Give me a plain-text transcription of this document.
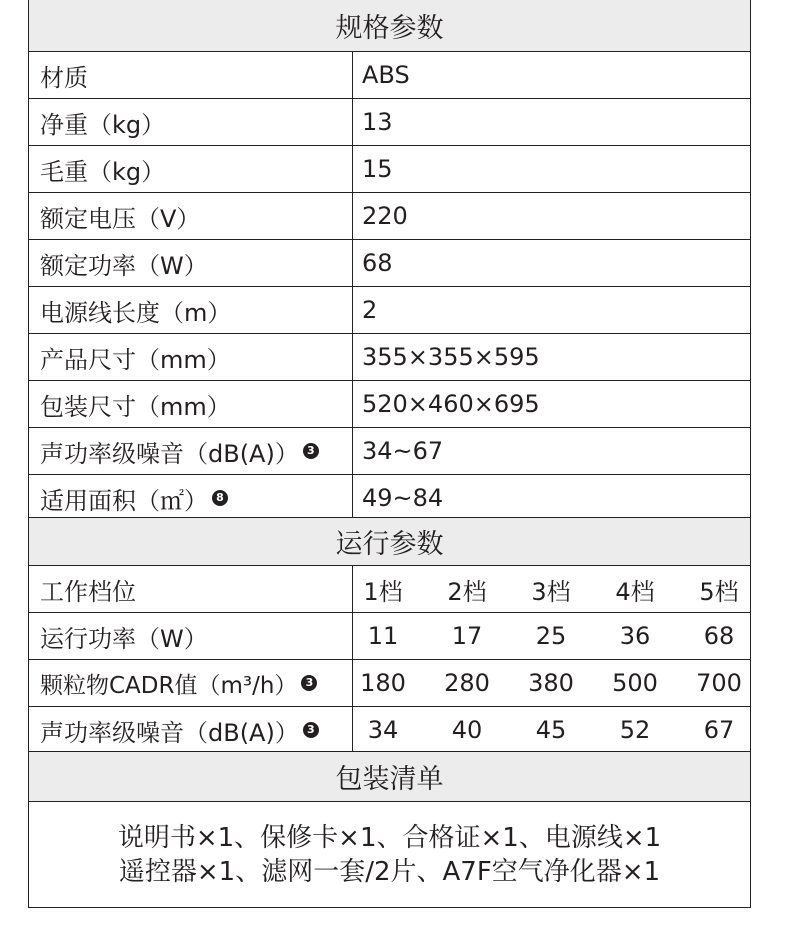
规格参数
材质	ABS
净重（kg）	13
毛重（kg）	15
额定电压（V）	220
额定功率（W）	68
电源线长度（m）	2
产品尺寸（mm）	355×355×595
包装尺寸（mm）	520×460×695
声功率级噪音（dB(A)） 3 34~67
适用面积（㎡） 8	49~84
运行参数
工作档位	1档	2档	3档	4档	5档
运行功率（W）	11	17	25	36	68
颗粒物CADR值（m³/h） 3	180	280	380	500	700
声功率级噪音（dB(A)） 3	34	40	45	52	67
包装清单
说明书×1、保修卡×1、合格证×1、电源线×1
遥控器×1、滤网一套/2片、A7F空气净化器×1
